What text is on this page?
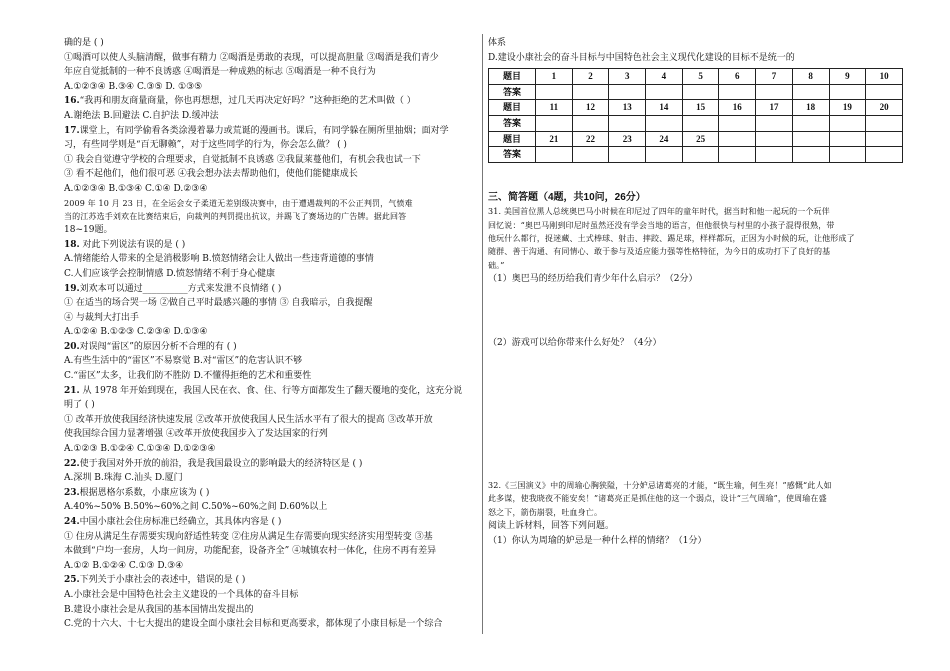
确的是 ( )
①喝酒可以使人头脑清醒，做事有精力 ②喝酒是勇敢的表现，可以提高胆量 ③喝酒是我们青少
年应自觉抵制的一种不良诱惑 ④喝酒是一种成熟的标志 ⑤喝酒是一种不良行为
A.①②③④ B.③④ C.③⑤ D. ①③⑤
16.“我再和朋友商量商量，你也再想想，过几天再决定好吗？”这种拒绝的艺术叫做（ ）
A.谢绝法 B.回避法 C.自护法 D.缓冲法
17.课堂上，有同学偷看各类涂漫着暴力或荒诞的漫画书。课后，有同学躲在厕所里抽烟；面对学
习，有些同学则是“百无聊赖”，对于这些同学的行为，你会怎么做？ ( )
① 我会自觉遵守学校的合理要求，自觉抵制不良诱惑 ②我鼠莱蔓他们，有机会我也试一下
③ 看不起他们，他们很可恶 ④我会想办法去帮助他们，使他们能健康成长
A.①②③④ B.①③④ C.①④ D.②③④
2009 年 10 月 23 日，在全运会女子柔道无差别级决赛中，由于遭遇裁判的不公正判罚，气愤难
当的江苏选手刘欢在比赛结束后，向裁判的判罚提出抗议，并踢飞了赛场边的广告牌。据此回答
18~19题。
18. 对此下列说法有误的是 ( )
A.情绪能给人带来的全是消极影响 B.愤怒情绪会让人做出一些违背道德的事情
C.人们应该学会控制情感 D.愤怒情绪不利于身心健康
19.刘欢本可以通过__________方式来发泄不良情绪 ( )
① 在适当的场合哭一场 ②做自己平时最感兴趣的事情 ③ 自我暗示，自我提醒
④ 与裁判大打出手
A.①②④ B.①②③ C.②③④ D.①③④
20.对误闯“雷区”的原因分析不合理的有 ( )
A.有些生活中的“雷区”不易察觉 B.对“雷区”的危害认识不够
C.“雷区”太多，让我们防不胜防 D.不懂得拒绝的艺术和重要性
21. 从 1978 年开始到现在，我国人民在衣、食、住、行等方面都发生了翻天覆地的变化，这充分说
明了 ( )
① 改革开放使我国经济快速发展 ②改革开放使我国人民生活水平有了很大的提高 ③改革开放
使我国综合国力显著增强 ④改革开放使我国步入了发达国家的行列
A.①②③ B.①②④ C.①③④ D.①②③④
22.使于我国对外开放的前沿，我是我国最设立的影响最大的经济特区是 ( )
A.深圳 B.珠海 C.汕头 D.厦门
23.根据恩格尔系数，小康应该为 ( )
A.40%~50% B.50%~60%之间 C.50%~60%之间 D.60%以上
24.中国小康社会住房标准已经确立，其具体内容是 ( )
① 住房从满足生存需要实现向舒适性转变 ②住房从满足生存需要向现实经济实用型转变 ③基
本做到“户均一套房，人均一间房，功能配套，设备齐全” ④城镇农村一体化，住房不再有差异
A.①② B.①②④ C.①③ D.③④
25.下列关于小康社会的表述中，错误的是 ( )
A.小康社会是中国特色社会主义建设的一个具体的奋斗目标
B.建设小康社会是从我国的基本国情出发提出的
C.党的十六大、十七大提出的建设全面小康社会目标和更高要求，都体现了小康目标是一个综合
体系
D.建设小康社会的奋斗目标与中国特色社会主义现代化建设的目标不是统一的
题目	1	2	3	4	5	6	7	8	9	10
答案										
题目	11	12	13	14	15	16	17	18	19	20
答案										
题目	21	22	23	24	25					
答案										
三、简答题（4题，共10问，26分）
31. 美国首位黑人总统奥巴马小时候在印尼过了四年的童年时代，据当时和他一起玩的一个玩伴
回忆说：“奥巴马刚到印尼时虽然还没有学会当地的语言，但他很快与村里的小孩子混得很熟，带
他玩什么都行，捉迷藏、土式棒球、射击、摔跤、踢足球，样样都玩，正因为小时候的玩，让他形成了
随群、善于沟通、有同情心、敢于参与及适应能力强等性格特征，为今日的成功打下了良好的基
础。”
（1）奥巴马的经历给我们青少年什么启示？（2分）
（2）游戏可以给你带来什么好处？（4分）
32.《三国演义》中的周瑜心胸狭隘，十分妒忌诸葛亮的才能，“既生瑜，何生亮！”感慨“此人如
此多谋，使我晓夜不能安矣！”诸葛亮正是抓住他的这一个弱点，设计“三气周瑜”，使周瑜在盛
怒之下，箭伤崩裂，吐血身亡。
阅读上诉材料，回答下列问题。
（1）你认为周瑜的妒忌是一种什么样的情绪？（1分）
